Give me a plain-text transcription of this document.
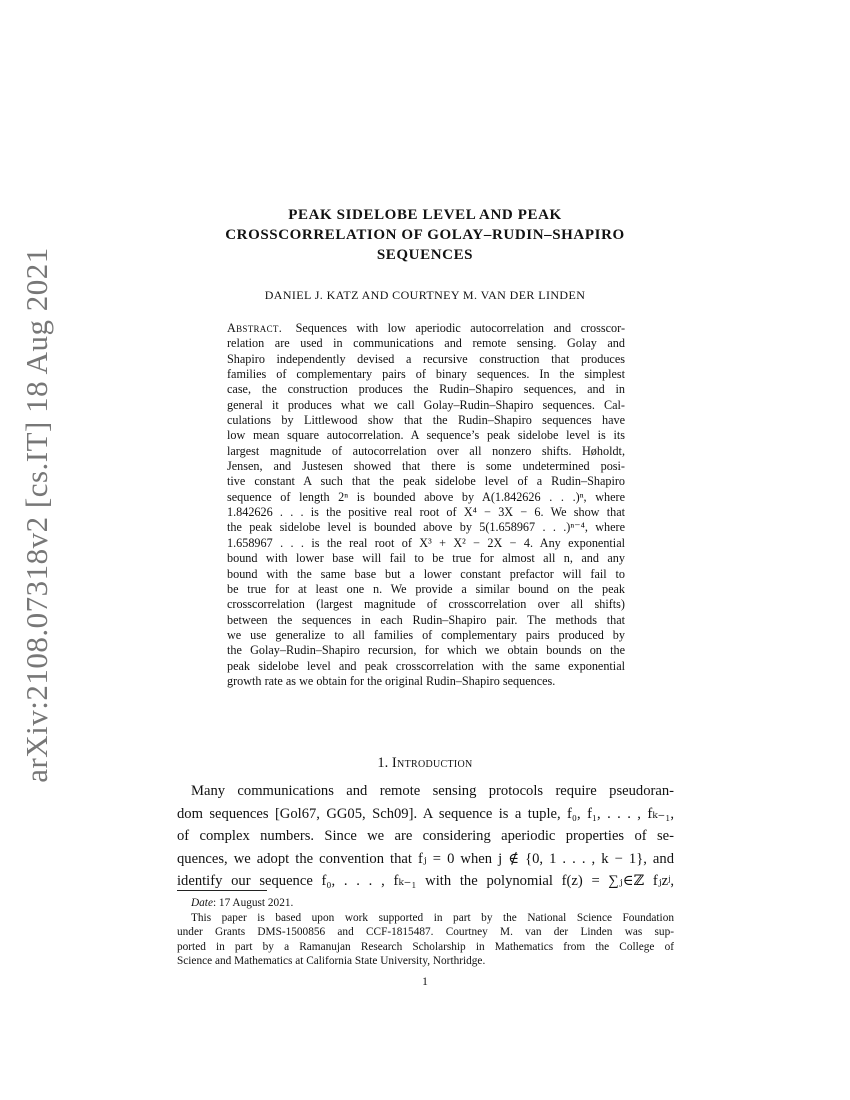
arXiv:2108.07318v2 [cs.IT] 18 Aug 2021
PEAK SIDELOBE LEVEL AND PEAK
CROSSCORRELATION OF GOLAY–RUDIN–SHAPIRO
SEQUENCES
DANIEL J. KATZ AND COURTNEY M. VAN DER LINDEN
Abstract. Sequences with low aperiodic autocorrelation and crosscor-
relation are used in communications and remote sensing. Golay and
Shapiro independently devised a recursive construction that produces
families of complementary pairs of binary sequences. In the simplest
case, the construction produces the Rudin–Shapiro sequences, and in
general it produces what we call Golay–Rudin–Shapiro sequences. Cal-
culations by Littlewood show that the Rudin–Shapiro sequences have
low mean square autocorrelation. A sequence’s peak sidelobe level is its
largest magnitude of autocorrelation over all nonzero shifts. Høholdt,
Jensen, and Justesen showed that there is some undetermined posi-
tive constant A such that the peak sidelobe level of a Rudin–Shapiro
sequence of length 2ⁿ is bounded above by A(1.842626 . . .)ⁿ, where
1.842626 . . . is the positive real root of X⁴ − 3X − 6. We show that
the peak sidelobe level is bounded above by 5(1.658967 . . .)ⁿ⁻⁴, where
1.658967 . . . is the real root of X³ + X² − 2X − 4. Any exponential
bound with lower base will fail to be true for almost all n, and any
bound with the same base but a lower constant prefactor will fail to
be true for at least one n. We provide a similar bound on the peak
crosscorrelation (largest magnitude of crosscorrelation over all shifts)
between the sequences in each Rudin–Shapiro pair. The methods that
we use generalize to all families of complementary pairs produced by
the Golay–Rudin–Shapiro recursion, for which we obtain bounds on the
peak sidelobe level and peak crosscorrelation with the same exponential
growth rate as we obtain for the original Rudin–Shapiro sequences.
1. Introduction
Many communications and remote sensing protocols require pseudoran-
dom sequences [Gol67, GG05, Sch09]. A sequence is a tuple, f₀, f₁, . . . , fₖ₋₁,
of complex numbers. Since we are considering aperiodic properties of se-
quences, we adopt the convention that fⱼ = 0 when j ∉ {0, 1 . . . , k − 1}, and
identify our sequence f₀, . . . , fₖ₋₁ with the polynomial f(z) = ∑ⱼ∈ℤ fⱼzʲ,
Date: 17 August 2021.
This paper is based upon work supported in part by the National Science Foundation
under Grants DMS-1500856 and CCF-1815487. Courtney M. van der Linden was sup-
ported in part by a Ramanujan Research Scholarship in Mathematics from the College of
Science and Mathematics at California State University, Northridge.
1
